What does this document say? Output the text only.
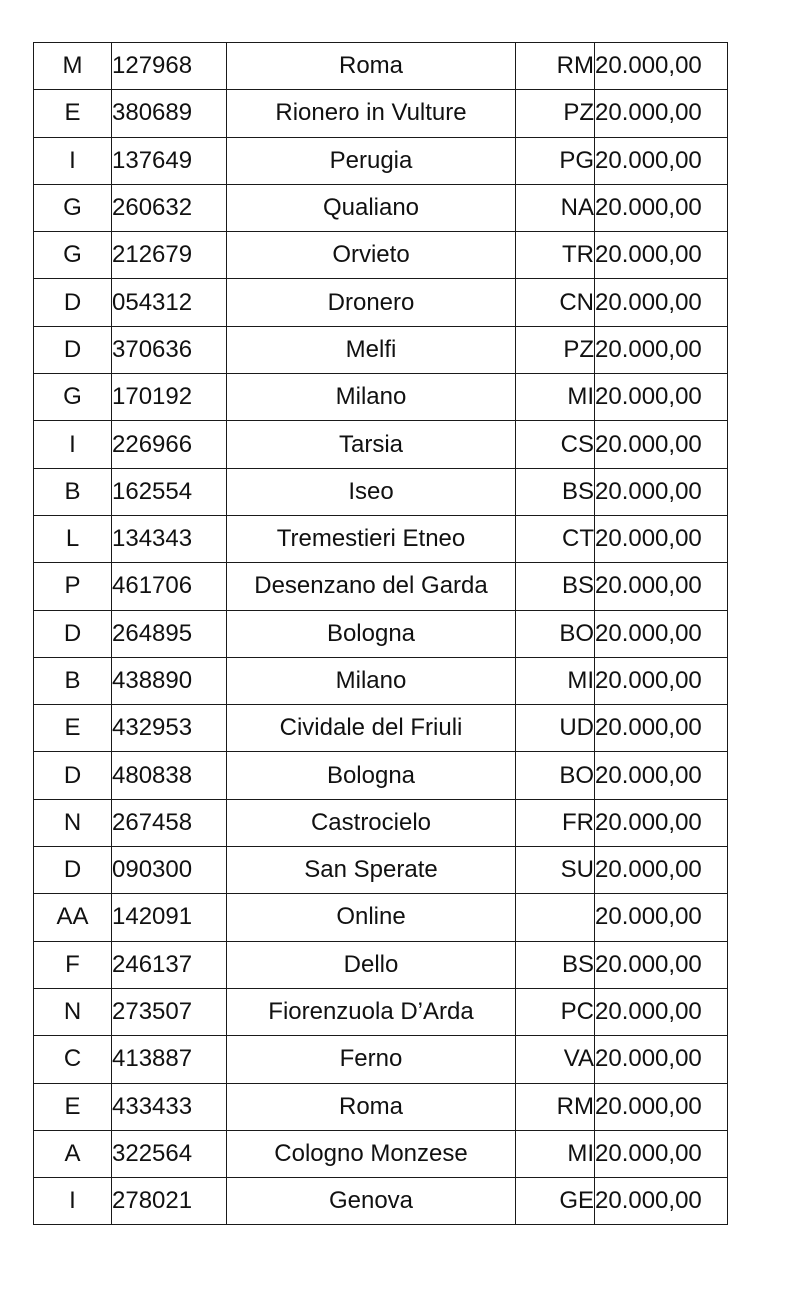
M	127968	Roma	RM	20.000,00
E	380689	Rionero in Vulture	PZ	20.000,00
I	137649	Perugia	PG	20.000,00
G	260632	Qualiano	NA	20.000,00
G	212679	Orvieto	TR	20.000,00
D	054312	Dronero	CN	20.000,00
D	370636	Melfi	PZ	20.000,00
G	170192	Milano	MI	20.000,00
I	226966	Tarsia	CS	20.000,00
B	162554	Iseo	BS	20.000,00
L	134343	Tremestieri Etneo	CT	20.000,00
P	461706	Desenzano del Garda	BS	20.000,00
D	264895	Bologna	BO	20.000,00
B	438890	Milano	MI	20.000,00
E	432953	Cividale del Friuli	UD	20.000,00
D	480838	Bologna	BO	20.000,00
N	267458	Castrocielo	FR	20.000,00
D	090300	San Sperate	SU	20.000,00
AA	142091	Online		20.000,00
F	246137	Dello	BS	20.000,00
N	273507	Fiorenzuola D’Arda	PC	20.000,00
C	413887	Ferno	VA	20.000,00
E	433433	Roma	RM	20.000,00
A	322564	Cologno Monzese	MI	20.000,00
I	278021	Genova	GE	20.000,00
